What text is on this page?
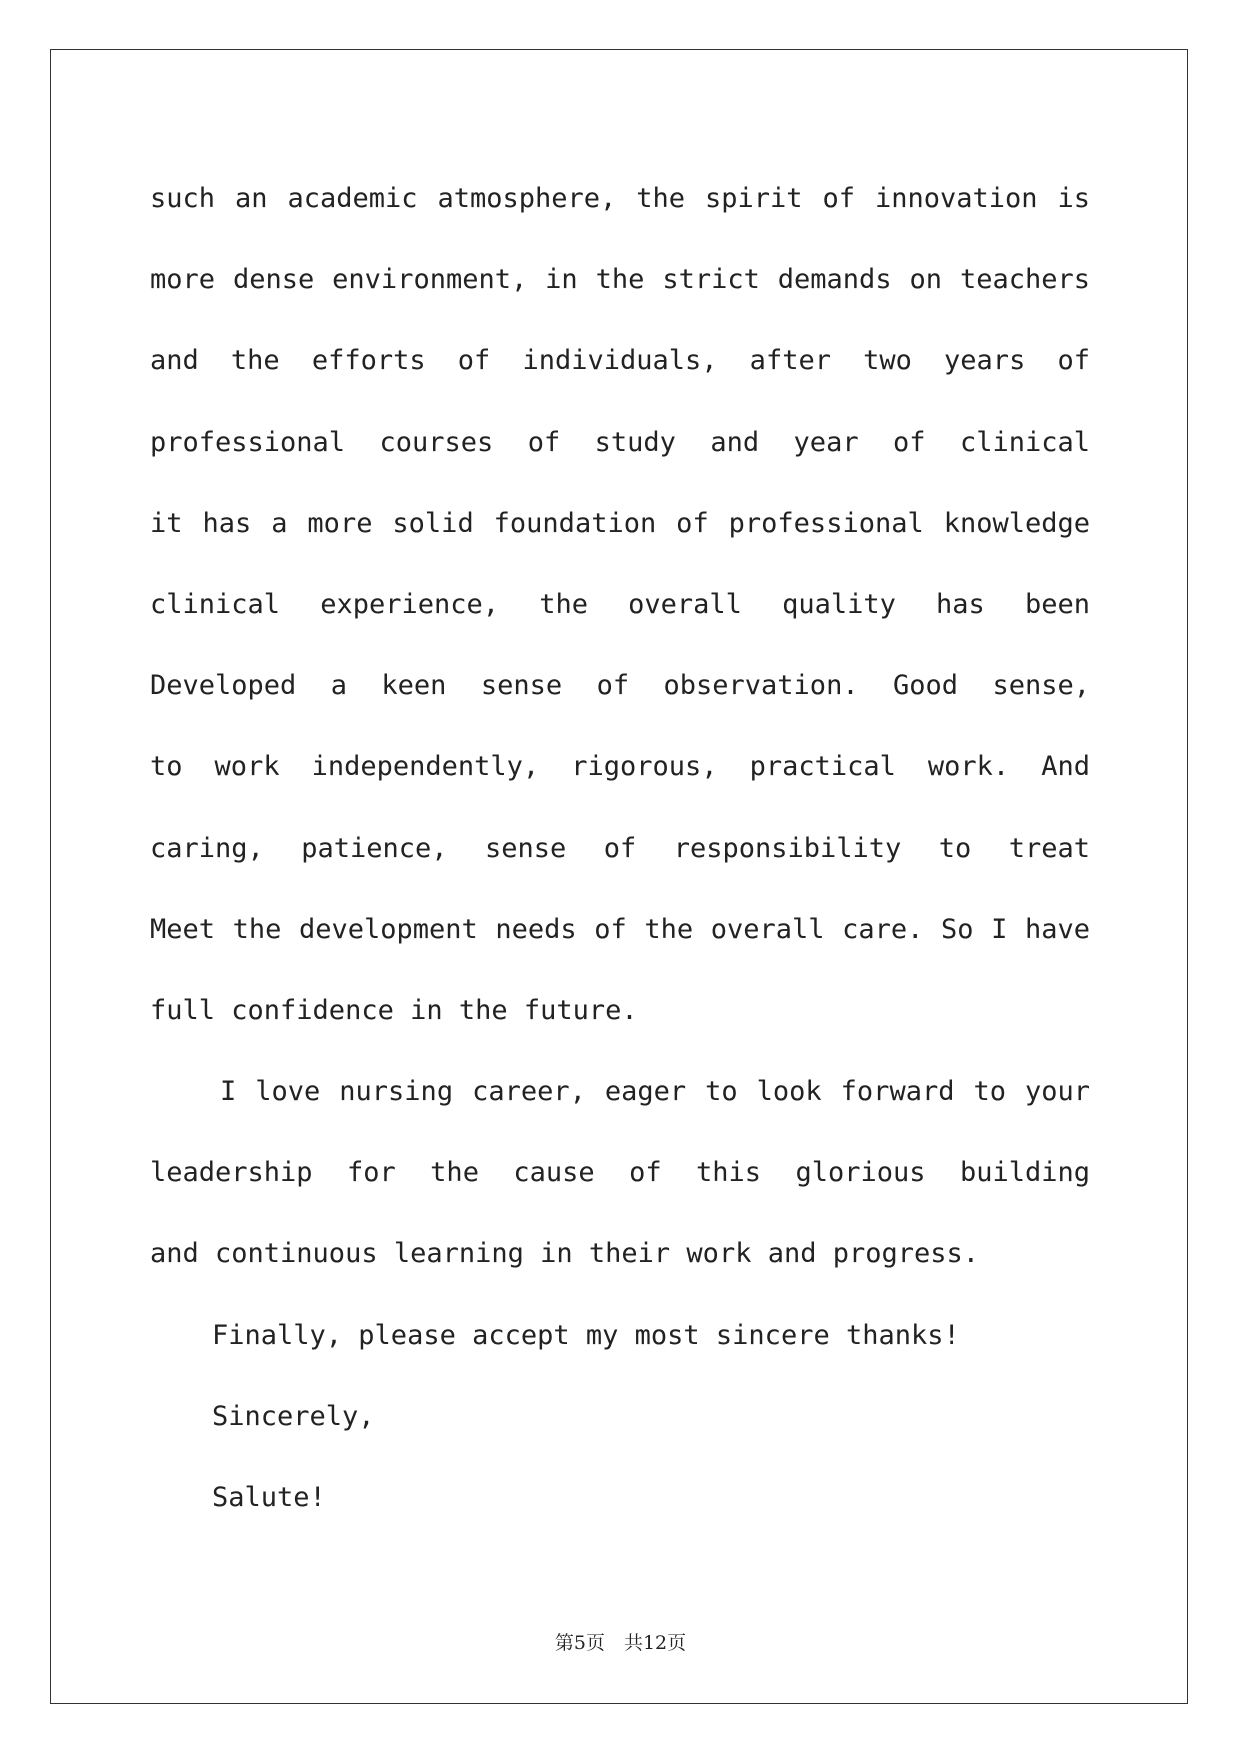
such an academic atmosphere, the spirit of innovation is
more dense environment, in the strict demands on teachers
and the efforts of individuals, after two years of
professional courses of study and year of clinical
it has a more solid foundation of professional knowledge
clinical experience, the overall quality has been
Developed a keen sense of observation. Good sense,
to work independently, rigorous, practical work. And
caring, patience, sense of responsibility to treat
Meet the development needs of the overall care. So I have
full confidence in the future.
I love nursing career, eager to look forward to your
leadership for the cause of this glorious building
and continuous learning in their work and progress.
Finally, please accept my most sincere thanks!
Sincerely,
Salute!
第5页　共12页
